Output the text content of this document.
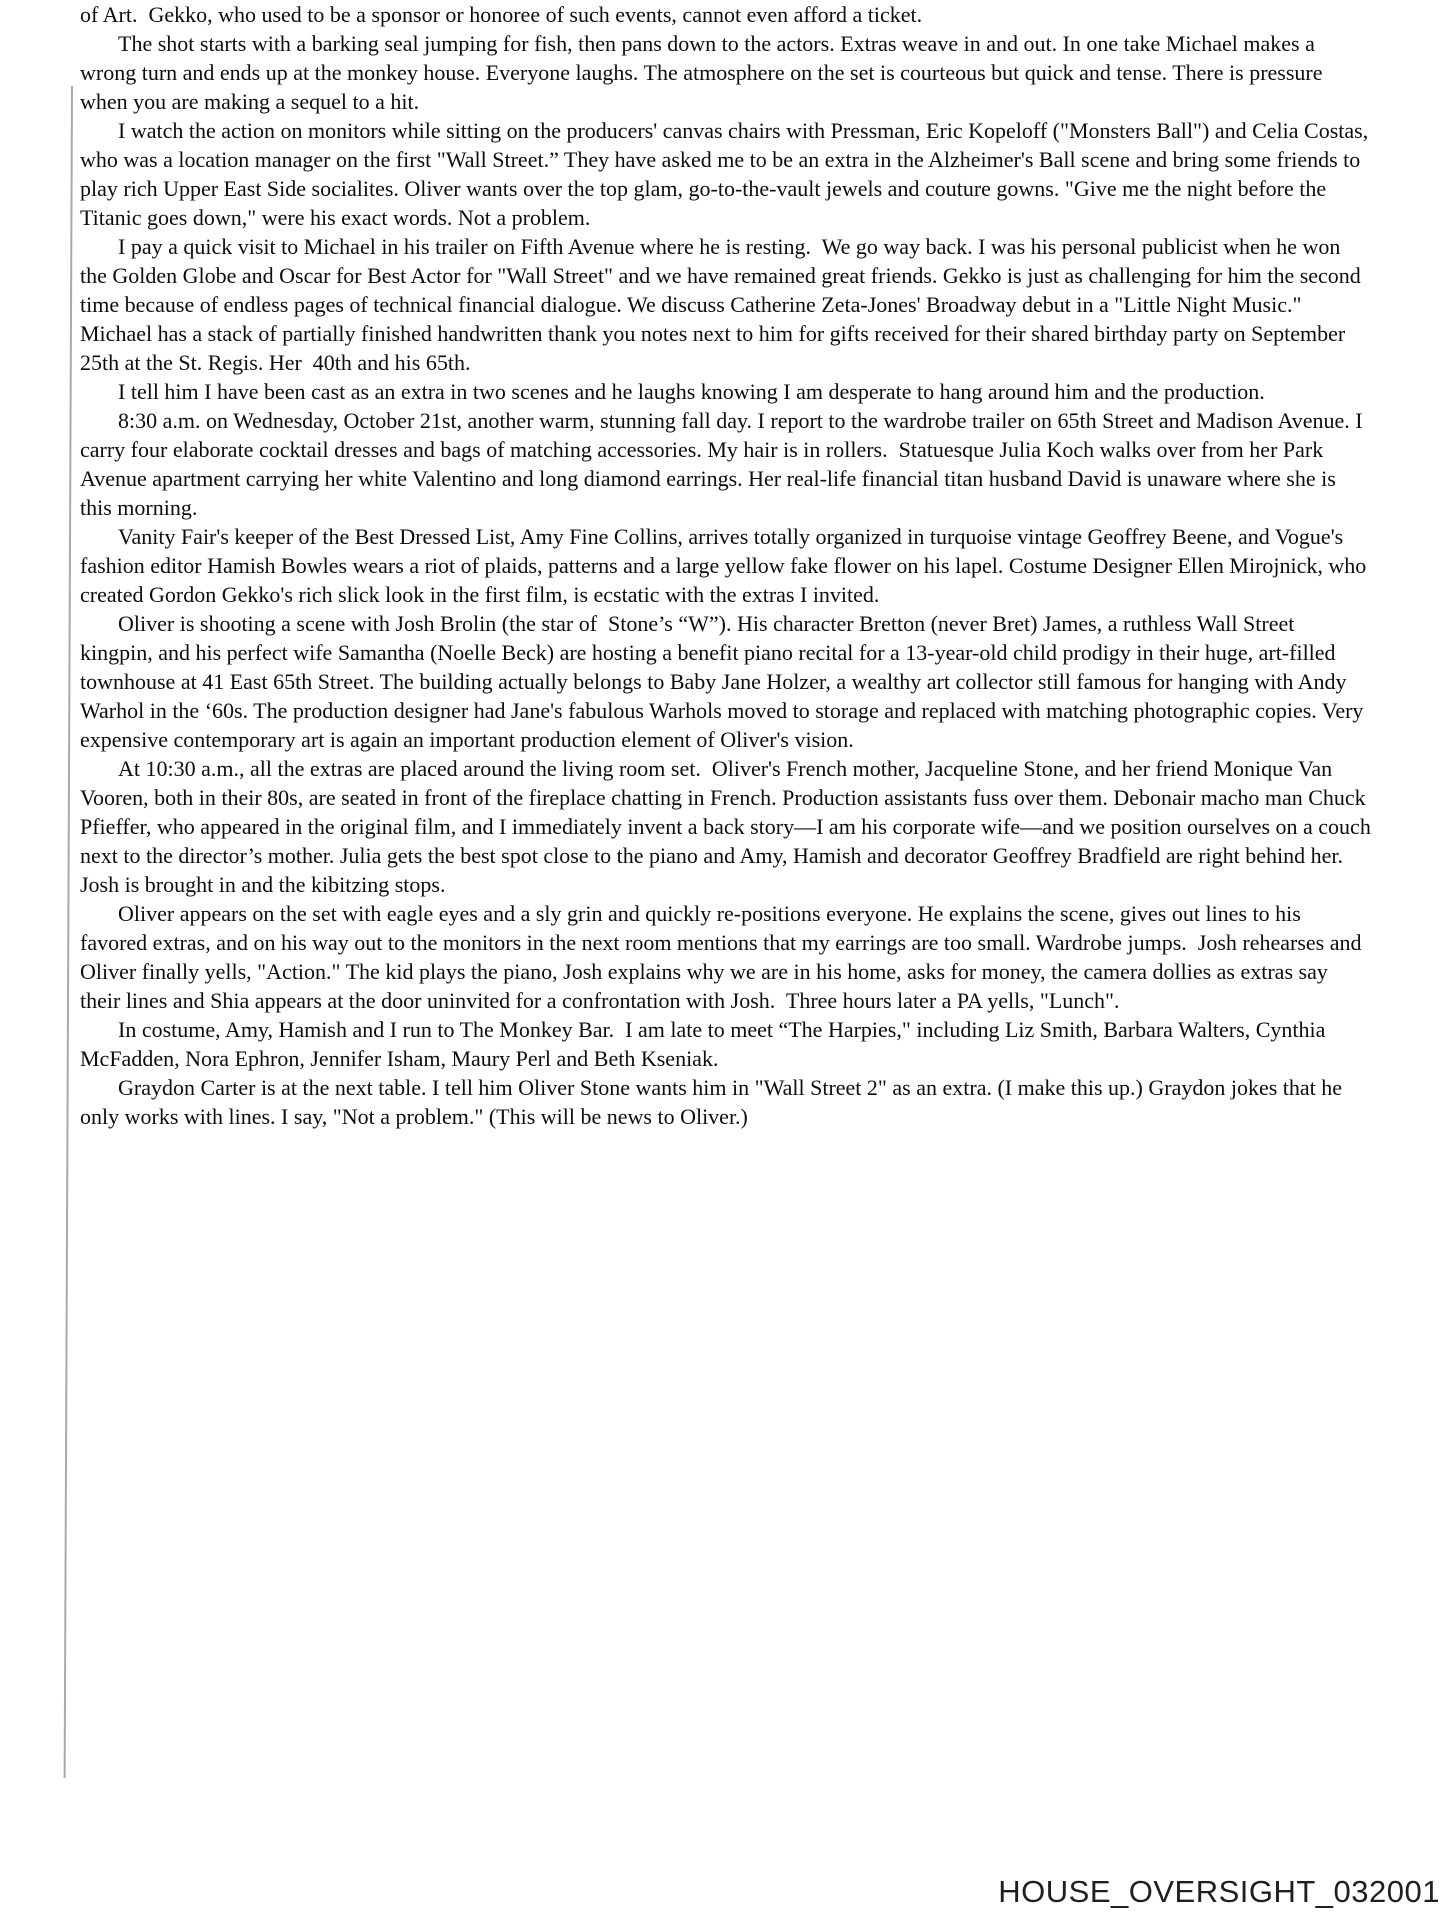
of Art.  Gekko, who used to be a sponsor or honoree of such events, cannot even afford a ticket.

The shot starts with a barking seal jumping for fish, then pans down to the actors. Extras weave in and out. In one take Michael makes a wrong turn and ends up at the monkey house. Everyone laughs. The atmosphere on the set is courteous but quick and tense. There is pressure when you are making a sequel to a hit.

I watch the action on monitors while sitting on the producers' canvas chairs with Pressman, Eric Kopeloff ("Monsters Ball") and Celia Costas, who was a location manager on the first "Wall Street.” They have asked me to be an extra in the Alzheimer's Ball scene and bring some friends to play rich Upper East Side socialites. Oliver wants over the top glam, go-to-the-vault jewels and couture gowns. "Give me the night before the Titanic goes down," were his exact words. Not a problem.

I pay a quick visit to Michael in his trailer on Fifth Avenue where he is resting.  We go way back. I was his personal publicist when he won the Golden Globe and Oscar for Best Actor for "Wall Street" and we have remained great friends. Gekko is just as challenging for him the second time because of endless pages of technical financial dialogue. We discuss Catherine Zeta-Jones' Broadway debut in a "Little Night Music." Michael has a stack of partially finished handwritten thank you notes next to him for gifts received for their shared birthday party on September 25th at the St. Regis. Her  40th and his 65th.

I tell him I have been cast as an extra in two scenes and he laughs knowing I am desperate to hang around him and the production.

8:30 a.m. on Wednesday, October 21st, another warm, stunning fall day. I report to the wardrobe trailer on 65th Street and Madison Avenue. I carry four elaborate cocktail dresses and bags of matching accessories. My hair is in rollers.  Statuesque Julia Koch walks over from her Park Avenue apartment carrying her white Valentino and long diamond earrings. Her real-life financial titan husband David is unaware where she is this morning.

Vanity Fair's keeper of the Best Dressed List, Amy Fine Collins, arrives totally organized in turquoise vintage Geoffrey Beene, and Vogue's fashion editor Hamish Bowles wears a riot of plaids, patterns and a large yellow fake flower on his lapel. Costume Designer Ellen Mirojnick, who created Gordon Gekko's rich slick look in the first film, is ecstatic with the extras I invited.

Oliver is shooting a scene with Josh Brolin (the star of  Stone’s “W”). His character Bretton (never Bret) James, a ruthless Wall Street kingpin, and his perfect wife Samantha (Noelle Beck) are hosting a benefit piano recital for a 13-year-old child prodigy in their huge, art-filled townhouse at 41 East 65th Street. The building actually belongs to Baby Jane Holzer, a wealthy art collector still famous for hanging with Andy Warhol in the ‘60s. The production designer had Jane's fabulous Warhols moved to storage and replaced with matching photographic copies. Very expensive contemporary art is again an important production element of Oliver's vision.

At 10:30 a.m., all the extras are placed around the living room set.  Oliver's French mother, Jacqueline Stone, and her friend Monique Van Vooren, both in their 80s, are seated in front of the fireplace chatting in French. Production assistants fuss over them. Debonair macho man Chuck Pfieffer, who appeared in the original film, and I immediately invent a back story—I am his corporate wife—and we position ourselves on a couch next to the director’s mother. Julia gets the best spot close to the piano and Amy, Hamish and decorator Geoffrey Bradfield are right behind her. Josh is brought in and the kibitzing stops.

Oliver appears on the set with eagle eyes and a sly grin and quickly re-positions everyone. He explains the scene, gives out lines to his favored extras, and on his way out to the monitors in the next room mentions that my earrings are too small. Wardrobe jumps.  Josh rehearses and Oliver finally yells, "Action." The kid plays the piano, Josh explains why we are in his home, asks for money, the camera dollies as extras say their lines and Shia appears at the door uninvited for a confrontation with Josh.  Three hours later a PA yells, "Lunch".

In costume, Amy, Hamish and I run to The Monkey Bar.  I am late to meet “The Harpies," including Liz Smith, Barbara Walters, Cynthia McFadden, Nora Ephron, Jennifer Isham, Maury Perl and Beth Kseniak.

Graydon Carter is at the next table. I tell him Oliver Stone wants him in "Wall Street 2" as an extra. (I make this up.) Graydon jokes that he only works with lines. I say, "Not a problem." (This will be news to Oliver.)

HOUSE_OVERSIGHT_032001
